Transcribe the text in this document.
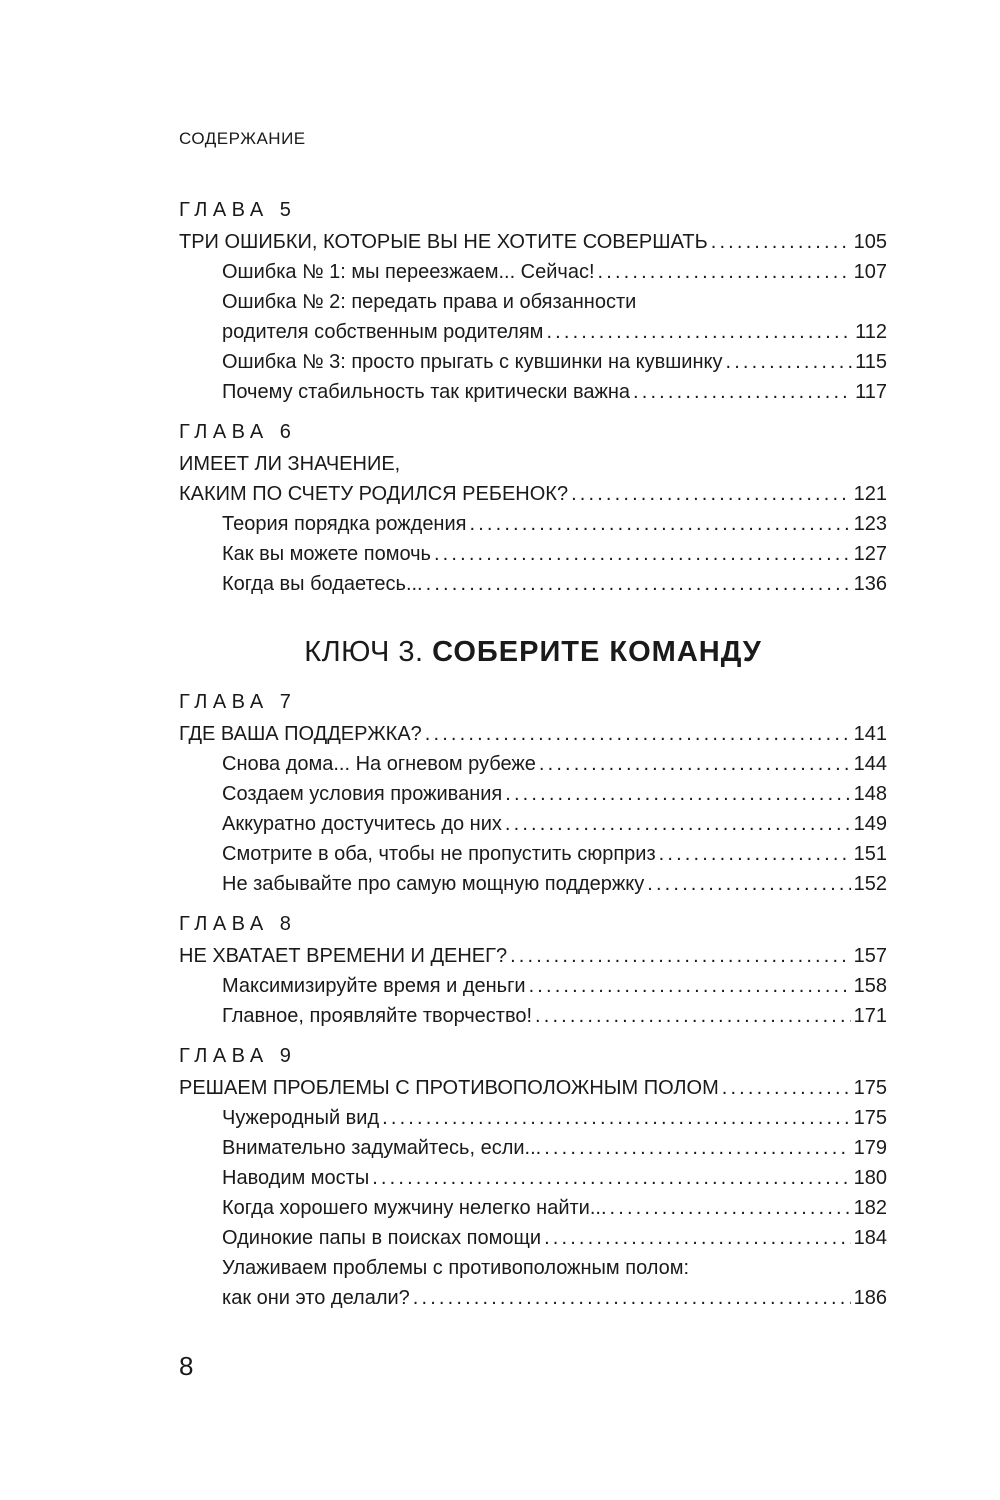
СОДЕРЖАНИЕ
ГЛАВА 5
ТРИ ОШИБКИ, КОТОРЫЕ ВЫ НЕ ХОТИТЕ СОВЕРШАТЬ . . .	105
Ошибка № 1: мы переезжаем... Сейчас! . . .	107
Ошибка № 2: передать права и обязанности
родителя собственным родителям . . .	112
Ошибка № 3: просто прыгать с кувшинки на кувшинку . . .	115
Почему стабильность так критически важна . . .	117
ГЛАВА 6
ИМЕЕТ ЛИ ЗНАЧЕНИЕ,
КАКИМ ПО СЧЕТУ РОДИЛСЯ РЕБЕНОК? . . .	121
Теория порядка рождения . . .	123
Как вы можете помочь . . .	127
Когда вы бодаетесь... . . .	136
КЛЮЧ 3. СОБЕРИТЕ КОМАНДУ
ГЛАВА 7
ГДЕ ВАША ПОДДЕРЖКА? . . .	141
Снова дома... На огневом рубеже . . .	144
Создаем условия проживания . . .	148
Аккуратно достучитесь до них . . .	149
Смотрите в оба, чтобы не пропустить сюрприз . . .	151
Не забывайте про самую мощную поддержку . . .	152
ГЛАВА 8
НЕ ХВАТАЕТ ВРЕМЕНИ И ДЕНЕГ? . . .	157
Максимизируйте время и деньги . . .	158
Главное, проявляйте творчество! . . .	171
ГЛАВА 9
РЕШАЕМ ПРОБЛЕМЫ С ПРОТИВОПОЛОЖНЫМ ПОЛОМ . . .	175
Чужеродный вид . . .	175
Внимательно задумайтесь, если... . . .	179
Наводим мосты . . .	180
Когда хорошего мужчину нелегко найти... . . .	182
Одинокие папы в поисках помощи . . .	184
Улаживаем проблемы с противоположным полом:
как они это делали? . . .	186
8
